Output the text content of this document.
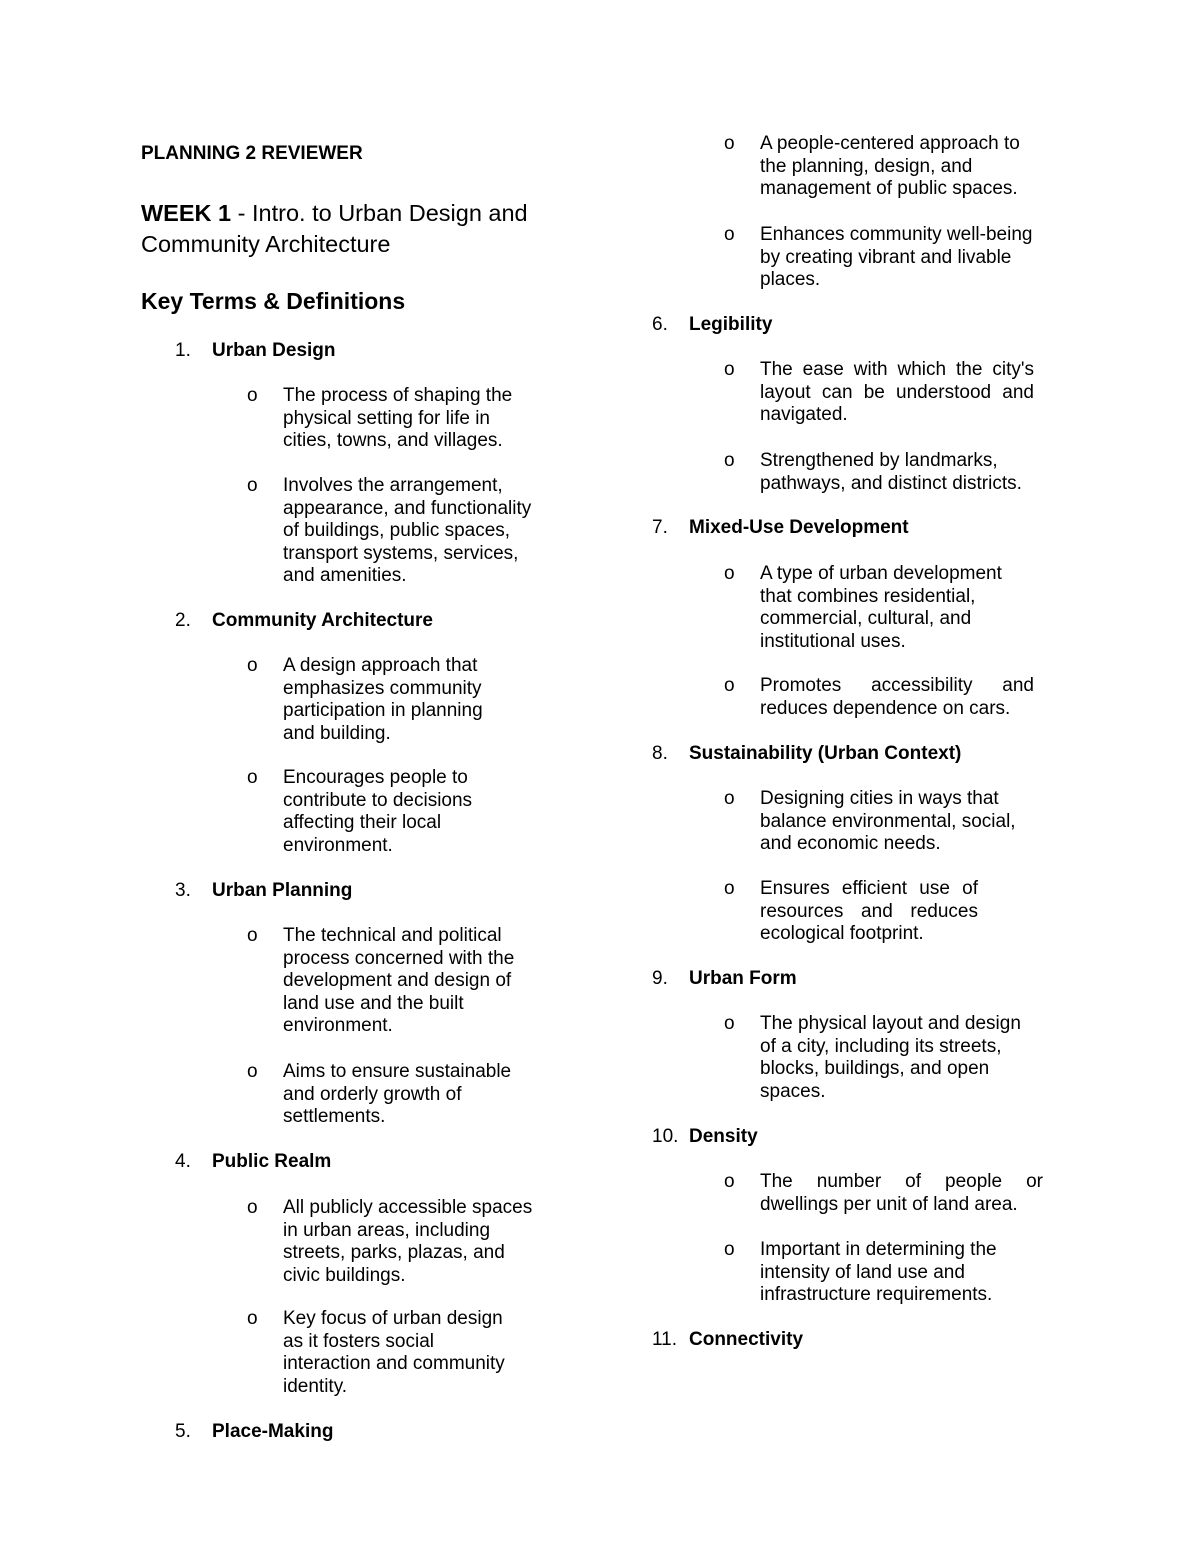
PLANNING 2 REVIEWER

WEEK 1 - Intro. to Urban Design and
Community Architecture

Key Terms & Definitions

1. Urban Design
o The process of shaping the
physical setting for life in
cities, towns, and villages.
o Involves the arrangement,
appearance, and functionality
of buildings, public spaces,
transport systems, services,
and amenities.
2. Community Architecture
o A design approach that
emphasizes community
participation in planning
and building.
o Encourages people to
contribute to decisions
affecting their local
environment.
3. Urban Planning
o The technical and political
process concerned with the
development and design of
land use and the built
environment.
o Aims to ensure sustainable
and orderly growth of
settlements.
4. Public Realm
o All publicly accessible spaces
in urban areas, including
streets, parks, plazas, and
civic buildings.
o Key focus of urban design
as it fosters social
interaction and community
identity.
5. Place-Making
o A people-centered approach to
the planning, design, and
management of public spaces.
o Enhances community well-being
by creating vibrant and livable
places.
6. Legibility
o The ease with which the city's
layout can be understood and
navigated.
o Strengthened by landmarks,
pathways, and distinct districts.
7. Mixed-Use Development
o A type of urban development
that combines residential,
commercial, cultural, and
institutional uses.
o Promotes accessibility and
reduces dependence on cars.
8. Sustainability (Urban Context)
o Designing cities in ways that
balance environmental, social,
and economic needs.
o Ensures efficient use of
resources and reduces
ecological footprint.
9. Urban Form
o The physical layout and design
of a city, including its streets,
blocks, buildings, and open
spaces.
10. Density
o The number of people or
dwellings per unit of land area.
o Important in determining the
intensity of land use and
infrastructure requirements.
11. Connectivity
